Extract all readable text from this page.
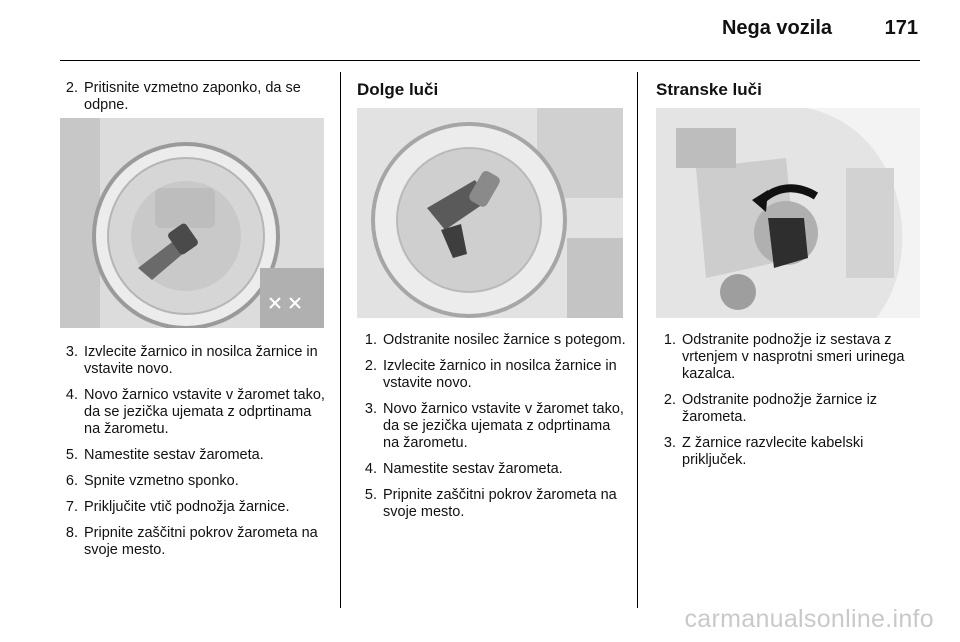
Nega vozila	171
2. Pritisnite vzmetno zaponko, da se odpne.
3. Izvlecite žarnico in nosilca žarnice in vstavite novo.
4. Novo žarnico vstavite v žaromet tako, da se jezička ujemata z odprtinama na žarometu.
5. Namestite sestav žarometa.
6. Spnite vzmetno sponko.
7. Priključite vtič podnožja žarnice.
8. Pripnite zaščitni pokrov žarometa na svoje mesto.
Dolge luči
1. Odstranite nosilec žarnice s potegom.
2. Izvlecite žarnico in nosilca žarnice in vstavite novo.
3. Novo žarnico vstavite v žaromet tako, da se jezička ujemata z odprtinama na žarometu.
4. Namestite sestav žarometa.
5. Pripnite zaščitni pokrov žarometa na svoje mesto.
Stranske luči
1. Odstranite podnožje iz sestava z vrtenjem v nasprotni smeri urinega kazalca.
2. Odstranite podnožje žarnice iz žarometa.
3. Z žarnice razvlecite kabelski priključek.
carmanualsonline.info
